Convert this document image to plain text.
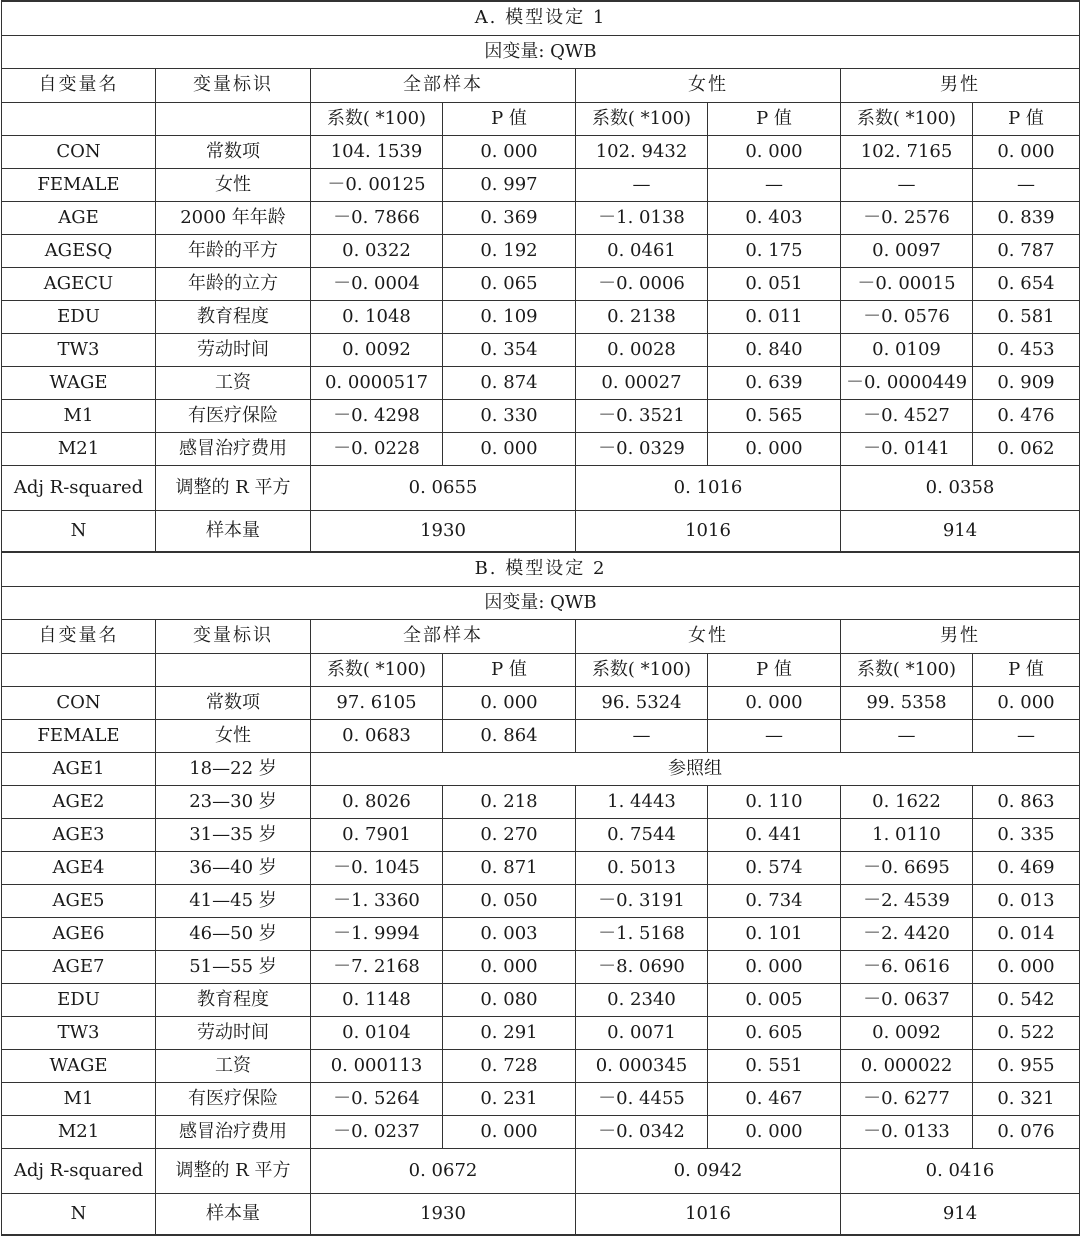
A. 模型设定 1							
因变量: QWB							
自变量名	变量标识	全部样本		女性		男性	
		系数( *100)	P 值	系数( *100)	P 值	系数( *100)	P 值
CON	常数项	104. 1539	0. 000	102. 9432	0. 000	102. 7165	0. 000
FEMALE	女性	－0. 00125	0. 997	—	—	—	—
AGE	2000 年年龄	－0. 7866	0. 369	－1. 0138	0. 403	－0. 2576	0. 839
AGESQ	年龄的平方	0. 0322	0. 192	0. 0461	0. 175	0. 0097	0. 787
AGECU	年龄的立方	－0. 0004	0. 065	－0. 0006	0. 051	－0. 00015	0. 654
EDU	教育程度	0. 1048	0. 109	0. 2138	0. 011	－0. 0576	0. 581
TW3	劳动时间	0. 0092	0. 354	0. 0028	0. 840	0. 0109	0. 453
WAGE	工资	0. 0000517	0. 874	0. 00027	0. 639	－0. 0000449	0. 909
M1	有医疗保险	－0. 4298	0. 330	－0. 3521	0. 565	－0. 4527	0. 476
M21	感冒治疗费用	－0. 0228	0. 000	－0. 0329	0. 000	－0. 0141	0. 062
Adj R-squared	调整的 R 平方	0. 0655		0. 1016		0. 0358	
N	样本量	1930		1016		914	
B. 模型设定 2							
因变量: QWB							
自变量名	变量标识	全部样本		女性		男性	
		系数( *100)	P 值	系数( *100)	P 值	系数( *100)	P 值
CON	常数项	97. 6105	0. 000	96. 5324	0. 000	99. 5358	0. 000
FEMALE	女性	0. 0683	0. 864	—	—	—	—
AGE1	18—22 岁	参照组					
AGE2	23—30 岁	0. 8026	0. 218	1. 4443	0. 110	0. 1622	0. 863
AGE3	31—35 岁	0. 7901	0. 270	0. 7544	0. 441	1. 0110	0. 335
AGE4	36—40 岁	－0. 1045	0. 871	0. 5013	0. 574	－0. 6695	0. 469
AGE5	41—45 岁	－1. 3360	0. 050	－0. 3191	0. 734	－2. 4539	0. 013
AGE6	46—50 岁	－1. 9994	0. 003	－1. 5168	0. 101	－2. 4420	0. 014
AGE7	51—55 岁	－7. 2168	0. 000	－8. 0690	0. 000	－6. 0616	0. 000
EDU	教育程度	0. 1148	0. 080	0. 2340	0. 005	－0. 0637	0. 542
TW3	劳动时间	0. 0104	0. 291	0. 0071	0. 605	0. 0092	0. 522
WAGE	工资	0. 000113	0. 728	0. 000345	0. 551	0. 000022	0. 955
M1	有医疗保险	－0. 5264	0. 231	－0. 4455	0. 467	－0. 6277	0. 321
M21	感冒治疗费用	－0. 0237	0. 000	－0. 0342	0. 000	－0. 0133	0. 076
Adj R-squared	调整的 R 平方	0. 0672		0. 0942		0. 0416	
N	样本量	1930		1016		914	
